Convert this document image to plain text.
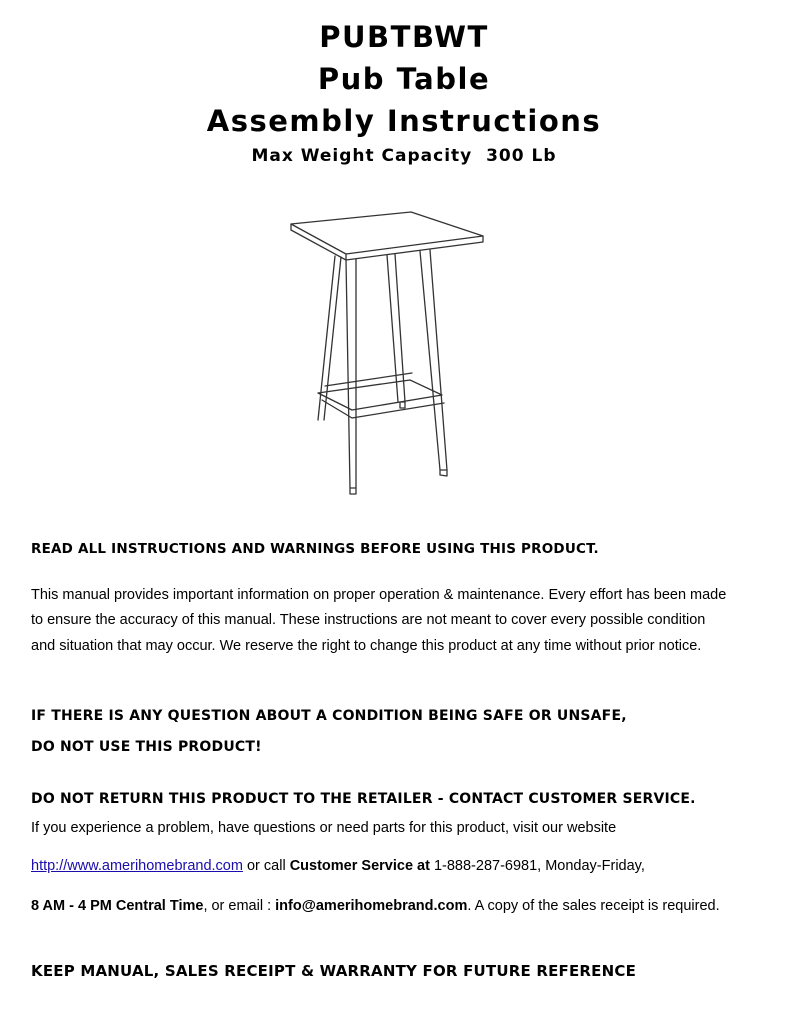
PUBTBWT
Pub Table
Assembly Instructions
Max Weight Capacity  300 Lb

READ ALL INSTRUCTIONS AND WARNINGS BEFORE USING THIS PRODUCT.

This manual provides important information on proper operation & maintenance. Every effort has been made to ensure the accuracy of this manual. These instructions are not meant to cover every possible condition and situation that may occur. We reserve the right to change this product at any time without prior notice.

IF THERE IS ANY QUESTION ABOUT A CONDITION BEING SAFE OR UNSAFE,

DO NOT USE THIS PRODUCT!

DO NOT RETURN THIS PRODUCT TO THE RETAILER - CONTACT CUSTOMER SERVICE.

If you experience a problem, have questions or need parts for this product, visit our website

http://www.amerihomebrand.com or call Customer Service at 1-888-287-6981, Monday-Friday,

8 AM - 4 PM Central Time, or email : info@amerihomebrand.com. A copy of the sales receipt is required.

KEEP MANUAL, SALES RECEIPT & WARRANTY FOR FUTURE REFERENCE
